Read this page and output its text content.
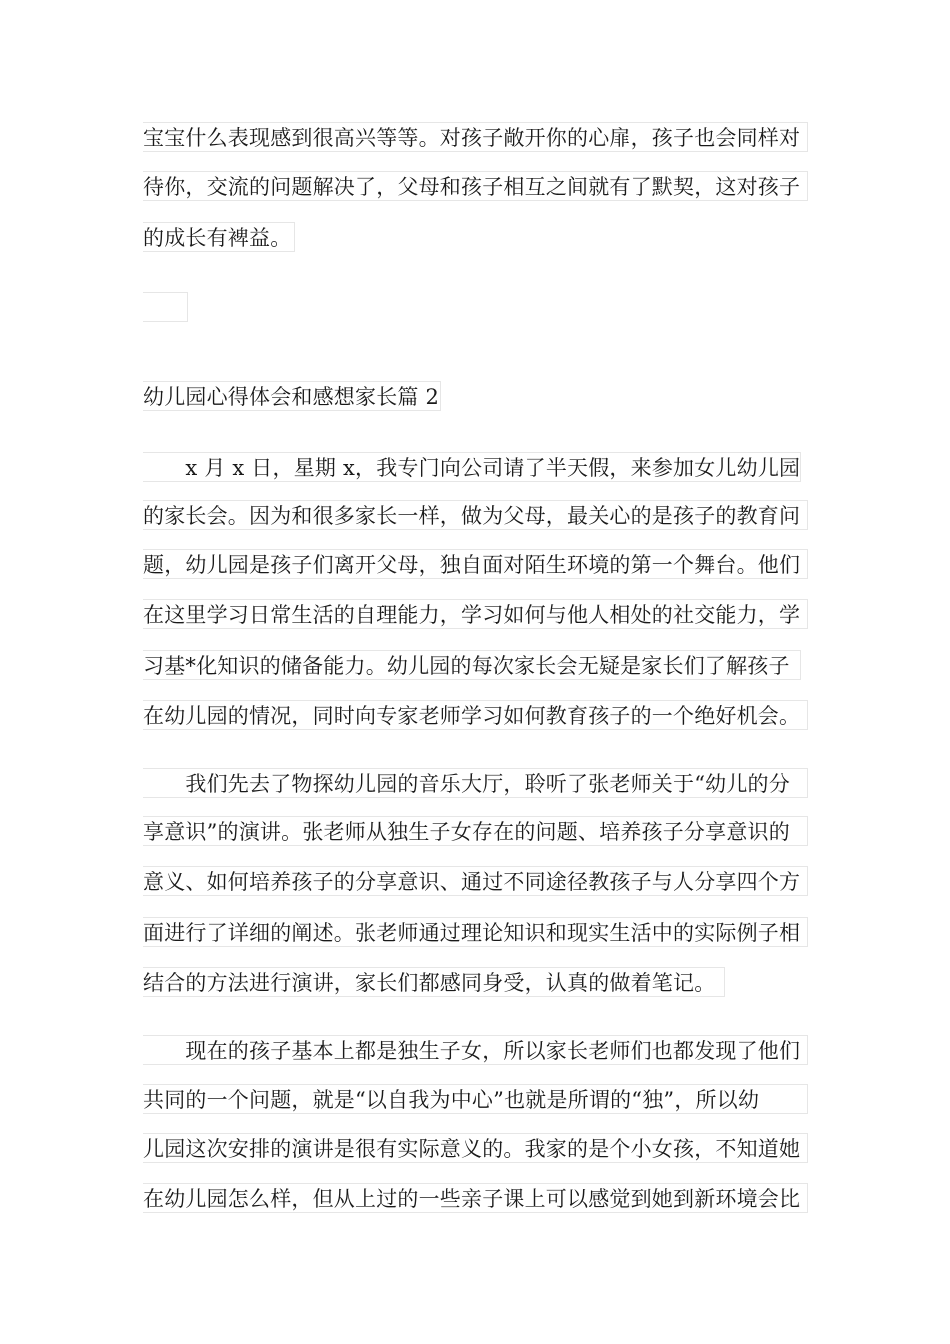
宝宝什么表现感到很高兴等等。对孩子敞开你的心扉，孩子也会同样对
待你，交流的问题解决了，父母和孩子相互之间就有了默契，这对孩子
的成长有裨益。
幼儿园心得体会和感想家长篇 2
　　x 月 x 日，星期 x，我专门向公司请了半天假，来参加女儿幼儿园
的家长会。因为和很多家长一样，做为父母，最关心的是孩子的教育问
题，幼儿园是孩子们离开父母，独自面对陌生环境的第一个舞台。他们
在这里学习日常生活的自理能力，学习如何与他人相处的社交能力，学
习基*化知识的储备能力。幼儿园的每次家长会无疑是家长们了解孩子
在幼儿园的情况，同时向专家老师学习如何教育孩子的一个绝好机会。
　　我们先去了物探幼儿园的音乐大厅，聆听了张老师关于“幼儿的分
享意识”的演讲。张老师从独生子女存在的问题、培养孩子分享意识的
意义、如何培养孩子的分享意识、通过不同途径教孩子与人分享四个方
面进行了详细的阐述。张老师通过理论知识和现实生活中的实际例子相
结合的方法进行演讲，家长们都感同身受，认真的做着笔记。
　　现在的孩子基本上都是独生子女，所以家长老师们也都发现了他们
共同的一个问题，就是“以自我为中心”也就是所谓的“独”，所以幼
儿园这次安排的演讲是很有实际意义的。我家的是个小女孩，不知道她
在幼儿园怎么样，但从上过的一些亲子课上可以感觉到她到新环境会比
